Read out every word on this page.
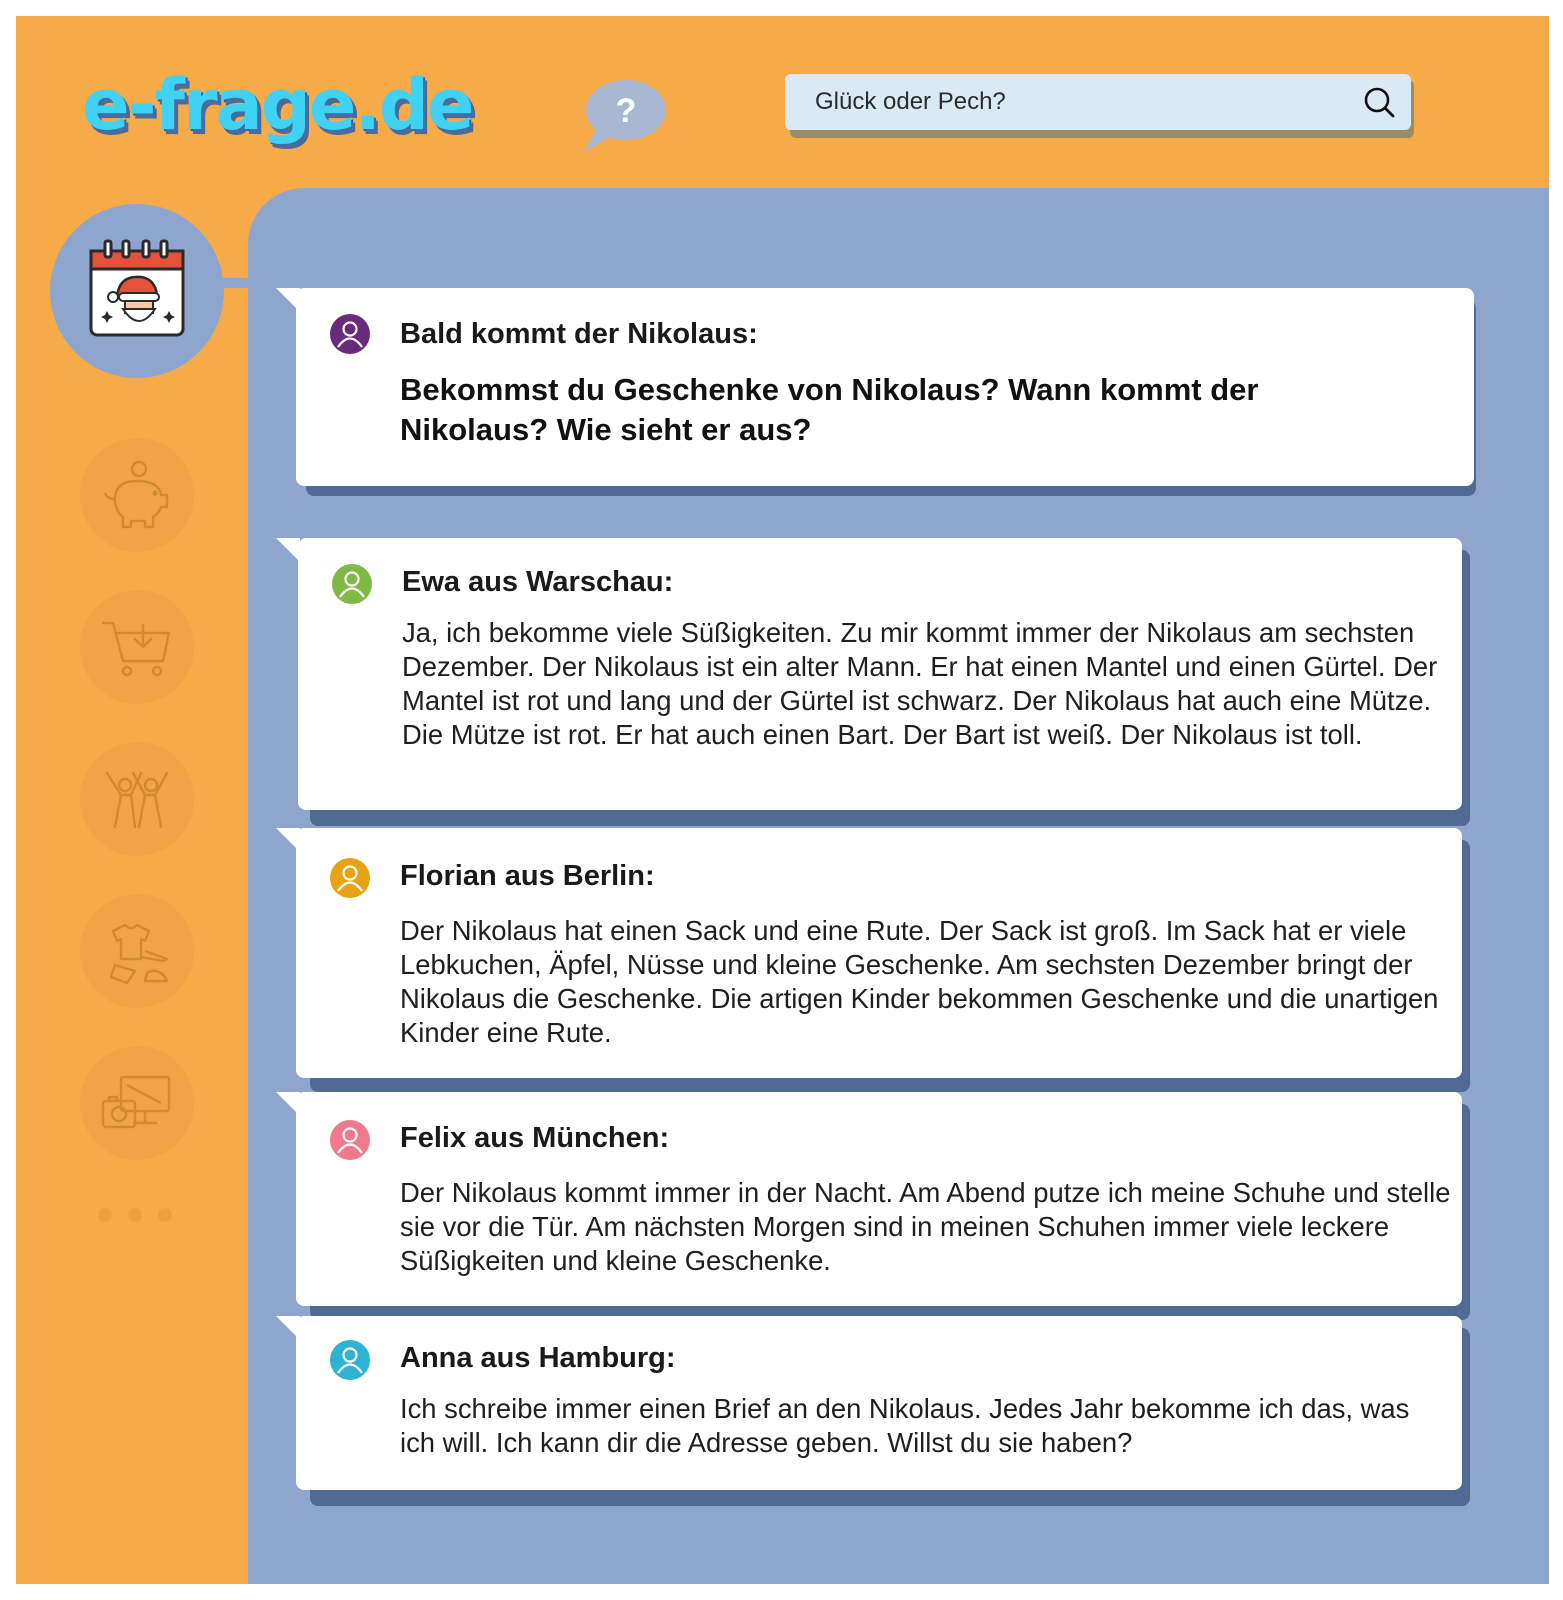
e-frage.de	?	Glück oder Pech?
Bald kommt der Nikolaus:
Bekommst du Geschenke von Nikolaus? Wann kommt der Nikolaus? Wie sieht er aus?
Ewa aus Warschau:
Ja, ich bekomme viele Süßigkeiten. Zu mir kommt immer der Nikolaus am sechsten Dezember. Der Nikolaus ist ein alter Mann. Er hat einen Mantel und einen Gürtel. Der Mantel ist rot und lang und der Gürtel ist schwarz. Der Nikolaus hat auch eine Mütze. Die Mütze ist rot. Er hat auch einen Bart. Der Bart ist weiß. Der Nikolaus ist toll.
Florian aus Berlin:
Der Nikolaus hat einen Sack und eine Rute. Der Sack ist groß. Im Sack hat er viele Lebkuchen, Äpfel, Nüsse und kleine Geschenke. Am sechsten Dezember bringt der Nikolaus die Geschenke. Die artigen Kinder bekommen Geschenke und die unartigen Kinder eine Rute.
Felix aus München:
Der Nikolaus kommt immer in der Nacht. Am Abend putze ich meine Schuhe und stelle sie vor die Tür. Am nächsten Morgen sind in meinen Schuhen immer viele leckere Süßigkeiten und kleine Geschenke.
Anna aus Hamburg:
Ich schreibe immer einen Brief an den Nikolaus. Jedes Jahr bekomme ich das, was ich will. Ich kann dir die Adresse geben. Willst du sie haben?
